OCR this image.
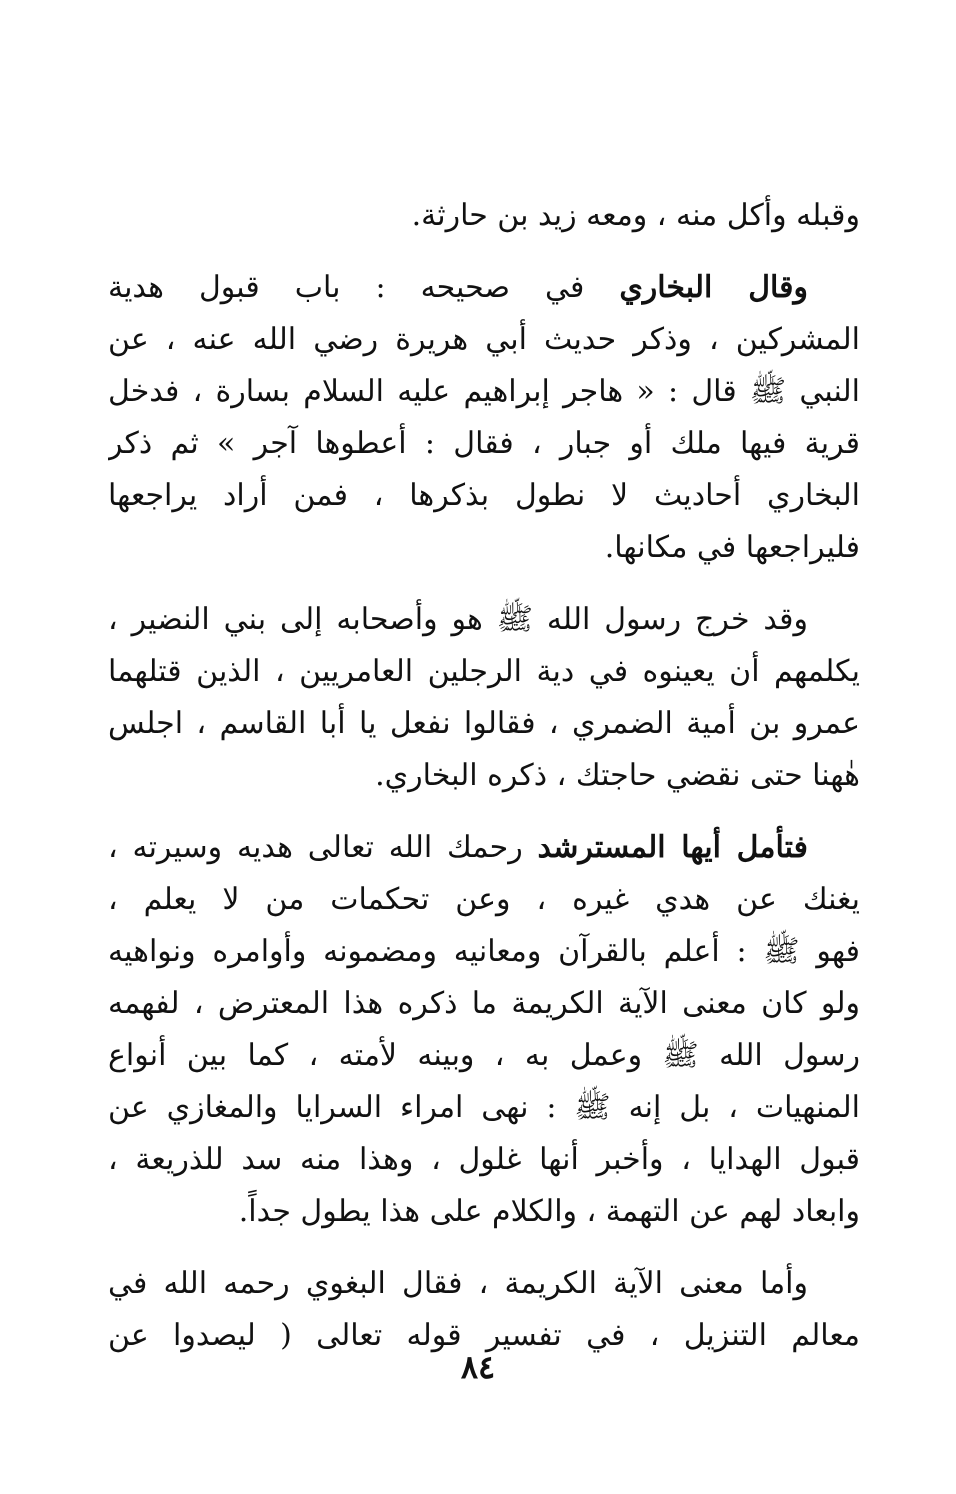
وقبله وأكل منه ، ومعه زيد بن حارثة.
وقال البخاري في صحيحه : باب قبول هدية
المشركين ، وذكر حديث أبي هريرة رضي الله عنه ، عن
النبي ﷺ قال : « هاجر إبراهيم عليه السلام بسارة ، فدخل
قرية فيها ملك أو جبار ، فقال : أعطوها آجر » ثم ذكر
البخاري أحاديث لا نطول بذكرها ، فمن أراد يراجعها
فليراجعها في مكانها.
وقد خرج رسول الله ﷺ هو وأصحابه إلى بني النضير ،
يكلمهم أن يعينوه في دية الرجلين العامريين ، الذين قتلهما
عمرو بن أمية الضمري ، فقالوا نفعل يا أبا القاسم ، اجلس
هٰهنا حتى نقضي حاجتك ، ذكره البخاري.
فتأمل أيها المسترشد رحمك الله تعالى هديه وسيرته ،
يغنك عن هدي غيره ، وعن تحكمات من لا يعلم ،
فهو ﷺ : أعلم بالقرآن ومعانيه ومضمونه وأوامره ونواهيه
ولو كان معنى الآية الكريمة ما ذكره هذا المعترض ، لفهمه
رسول الله ﷺ وعمل به ، وبينه لأمته ، كما بين أنواع
المنهيات ، بل إنه ﷺ : نهى امراء السرايا والمغازي عن
قبول الهدايا ، وأخبر أنها غلول ، وهذا منه سد للذريعة ،
وابعاد لهم عن التهمة ، والكلام على هذا يطول جداً.
وأما معنى الآية الكريمة ، فقال البغوي رحمه الله في
معالم التنزيل ، في تفسير قوله تعالى ( ليصدوا عن
٨٤
